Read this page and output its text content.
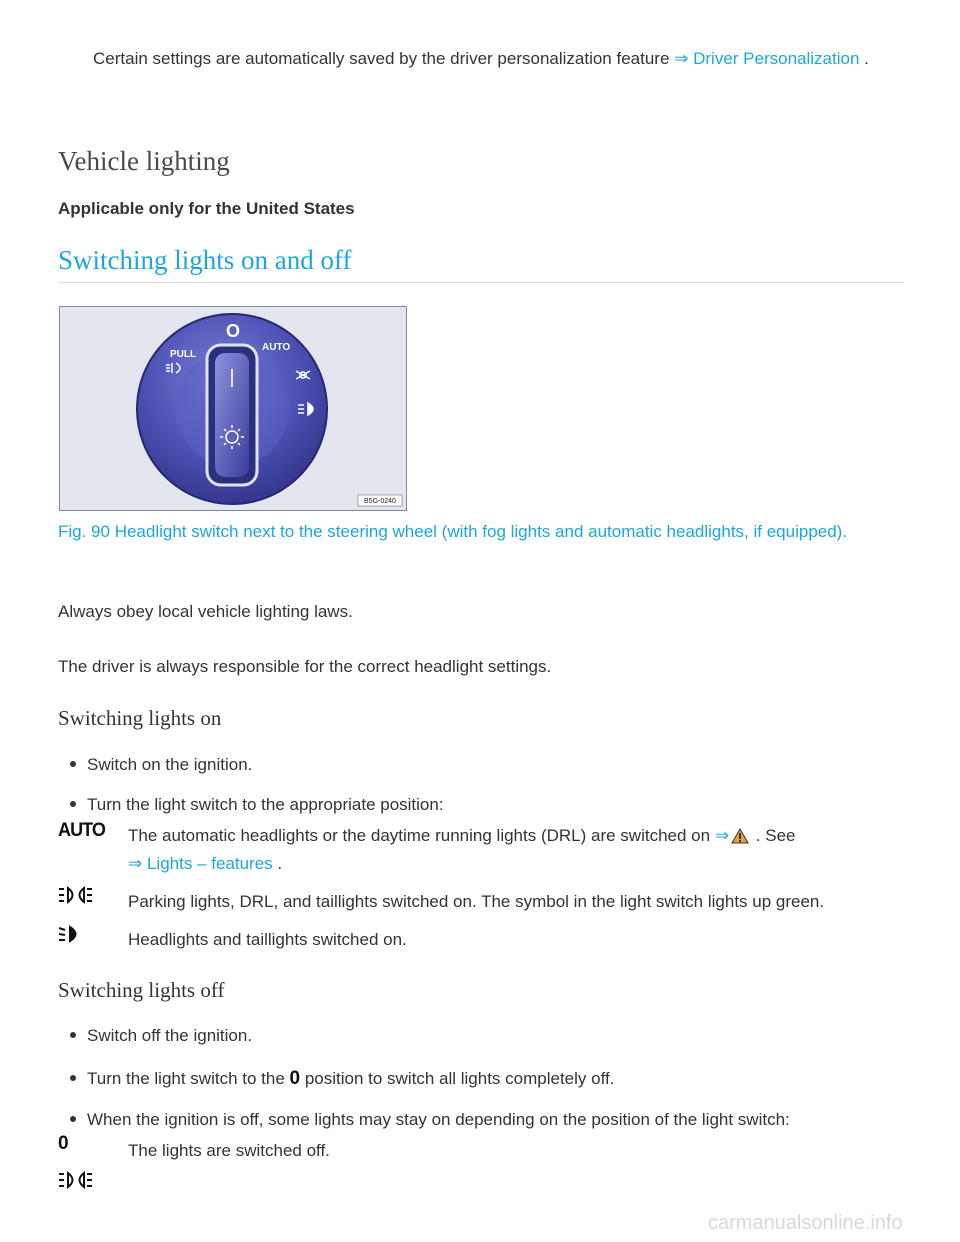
Certain settings are automatically saved by the driver personalization feature ⇒ Driver Personalization .
Vehicle lighting
Applicable only for the United States
Switching lights on and off
O
AUTO
PULL
B5G-0240
Fig. 90 Headlight switch next to the steering wheel (with fog lights and automatic headlights, if equipped).
Always obey local vehicle lighting laws.
The driver is always responsible for the correct headlight settings.
Switching lights on
Switch on the ignition.
Turn the light switch to the appropriate position:
AUTO The automatic headlights or the daytime running lights (DRL) are switched on ⇒ . See
⇒ Lights – features .
Parking lights, DRL, and taillights switched on. The symbol in the light switch lights up green.
Headlights and taillights switched on.
Switching lights off
Switch off the ignition.
Turn the light switch to the 0 position to switch all lights completely off.
When the ignition is off, some lights may stay on depending on the position of the light switch:
0	The lights are switched off.
carmanualsonline.info
